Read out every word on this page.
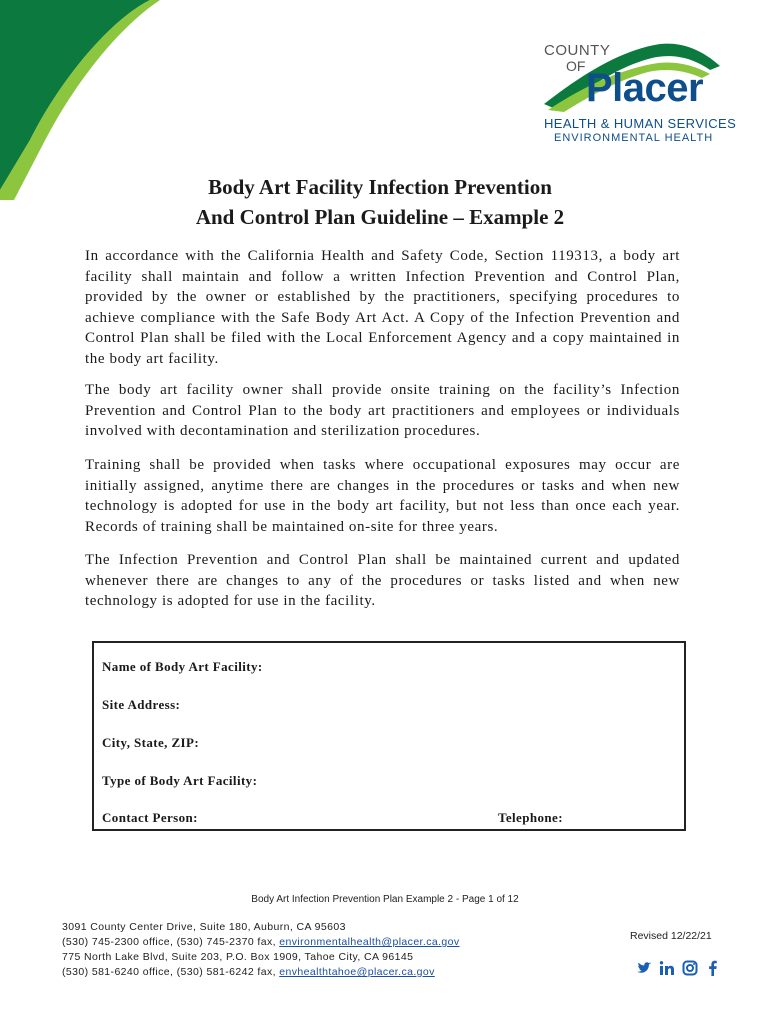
COUNTY
OF Placer
HEALTH & HUMAN SERVICES
ENVIRONMENTAL HEALTH
Body Art Facility Infection Prevention
And Control Plan Guideline – Example 2

In accordance with the California Health and Safety Code, Section 119313, a body art facility shall maintain and follow a written Infection Prevention and Control Plan, provided by the owner or established by the practitioners, specifying procedures to achieve compliance with the Safe Body Art Act. A Copy of the Infection Prevention and Control Plan shall be filed with the Local Enforcement Agency and a copy maintained in the body art facility.

The body art facility owner shall provide onsite training on the facility’s Infection Prevention and Control Plan to the body art practitioners and employees or individuals involved with decontamination and sterilization procedures.

Training shall be provided when tasks where occupational exposures may occur are initially assigned, anytime there are changes in the procedures or tasks and when new technology is adopted for use in the body art facility, but not less than once each year. Records of training shall be maintained on-site for three years.

The Infection Prevention and Control Plan shall be maintained current and updated whenever there are changes to any of the procedures or tasks listed and when new technology is adopted for use in the facility.

Name of Body Art Facility:
Site Address:
City, State, ZIP:
Type of Body Art Facility:
Contact Person:	Telephone:
Body Art Infection Prevention Plan Example 2 - Page 1 of 12
3091 County Center Drive, Suite 180, Auburn, CA 95603
(530) 745-2300 office, (530) 745-2370 fax, environmentalhealth@placer.ca.gov
775 North Lake Blvd, Suite 203, P.O. Box 1909, Tahoe City, CA 96145
(530) 581-6240 office, (530) 581-6242 fax, envhealthtahoe@placer.ca.gov
Revised 12/22/21
